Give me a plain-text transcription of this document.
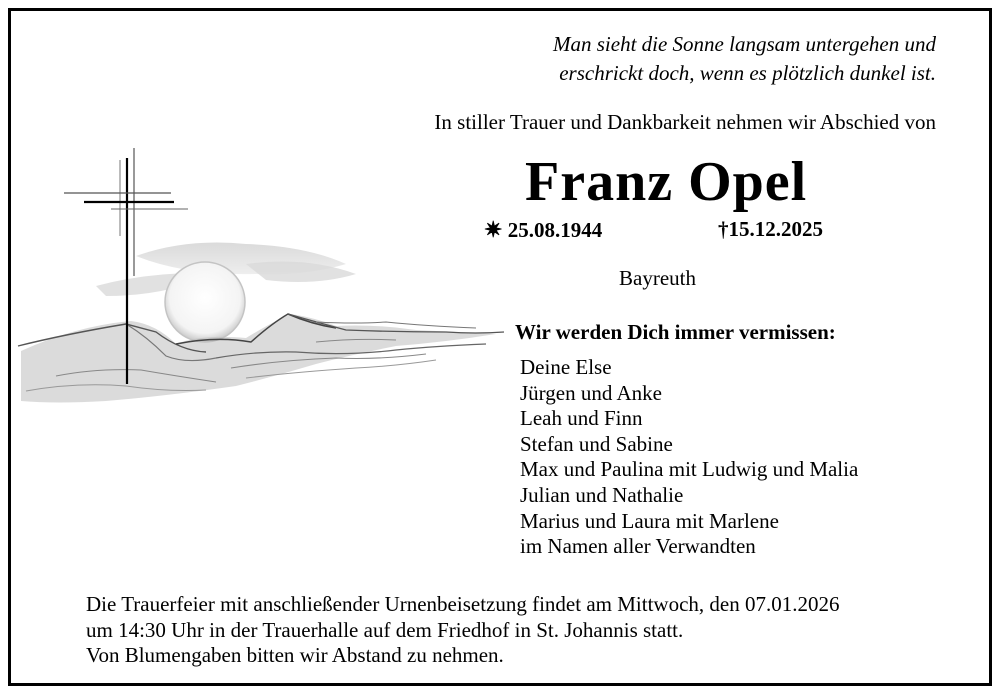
Man sieht die Sonne langsam untergehen und
erschrickt doch, wenn es plötzlich dunkel ist.
In stiller Trauer und Dankbarkeit nehmen wir Abschied von
Franz Opel
✷ 25.08.1944	†15.12.2025
Bayreuth
Wir werden Dich immer vermissen:
Deine Else
Jürgen und Anke
Leah und Finn
Stefan und Sabine
Max und Paulina mit Ludwig und Malia
Julian und Nathalie
Marius und Laura mit Marlene
im Namen aller Verwandten
Die Trauerfeier mit anschließender Urnenbeisetzung findet am Mittwoch, den 07.01.2026
um 14:30 Uhr in der Trauerhalle auf dem Friedhof in St. Johannis statt.
Von Blumengaben bitten wir Abstand zu nehmen.
